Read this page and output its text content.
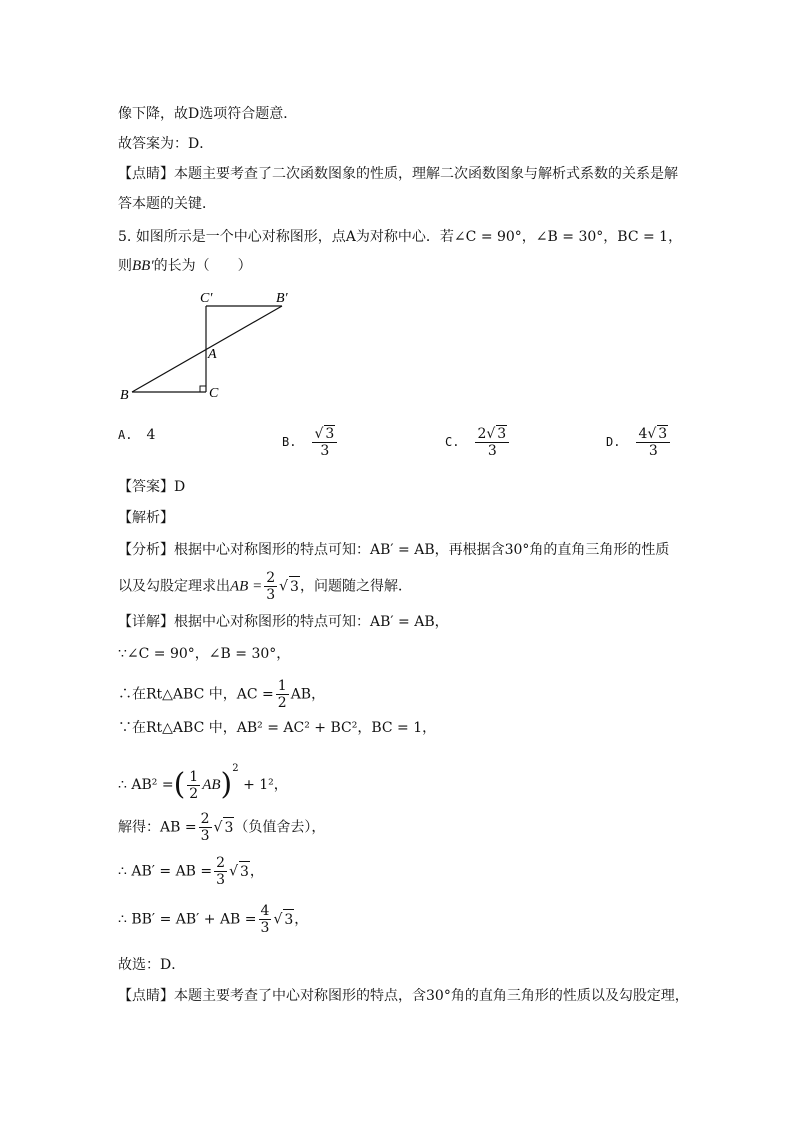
像下降，故D选项符合题意．
故答案为：D．
【点睛】本题主要考查了二次函数图象的性质，理解二次函数图象与解析式系数的关系是解
答本题的关键．
5. 如图所示是一个中心对称图形，点A为对称中心．若∠C = 90°，∠B = 30°，BC = 1，
则BB′的长为（　　）
C′	B′
A
B	C
A. 4	B. $\frac{√ 3}{3}$	C. $\frac{2√ 3}{3}$	D. $\frac{4√ 3}{3}$
【答案】D
【解析】
【分析】根据中心对称图形的特点可知：AB′ = AB，再根据含30°角的直角三角形的性质
以及勾股定理求出AB = $\frac{2}{3}$ √ 3，问题随之得解．
【详解】根据中心对称图形的特点可知：AB′ = AB，
∵∠C = 90°，∠B = 30°，
∴在Rt△ABC 中，AC = $\frac{1}{2}$ AB，
∵在Rt△ABC 中，AB² = AC² + BC²，BC = 1，
∴ AB² =( $\frac{1}{2} AB)^2 + 1^2$，
解得：AB = $\frac{2}{3}$ √ 3（负值舍去），
∴ AB′ = AB = $\frac{2}{3}$ √ 3，
∴ BB′ = AB′ + AB = $\frac{4}{3}$ √ 3，
故选：D．
【点睛】本题主要考查了中心对称图形的特点，含30°角的直角三角形的性质以及勾股定理，
